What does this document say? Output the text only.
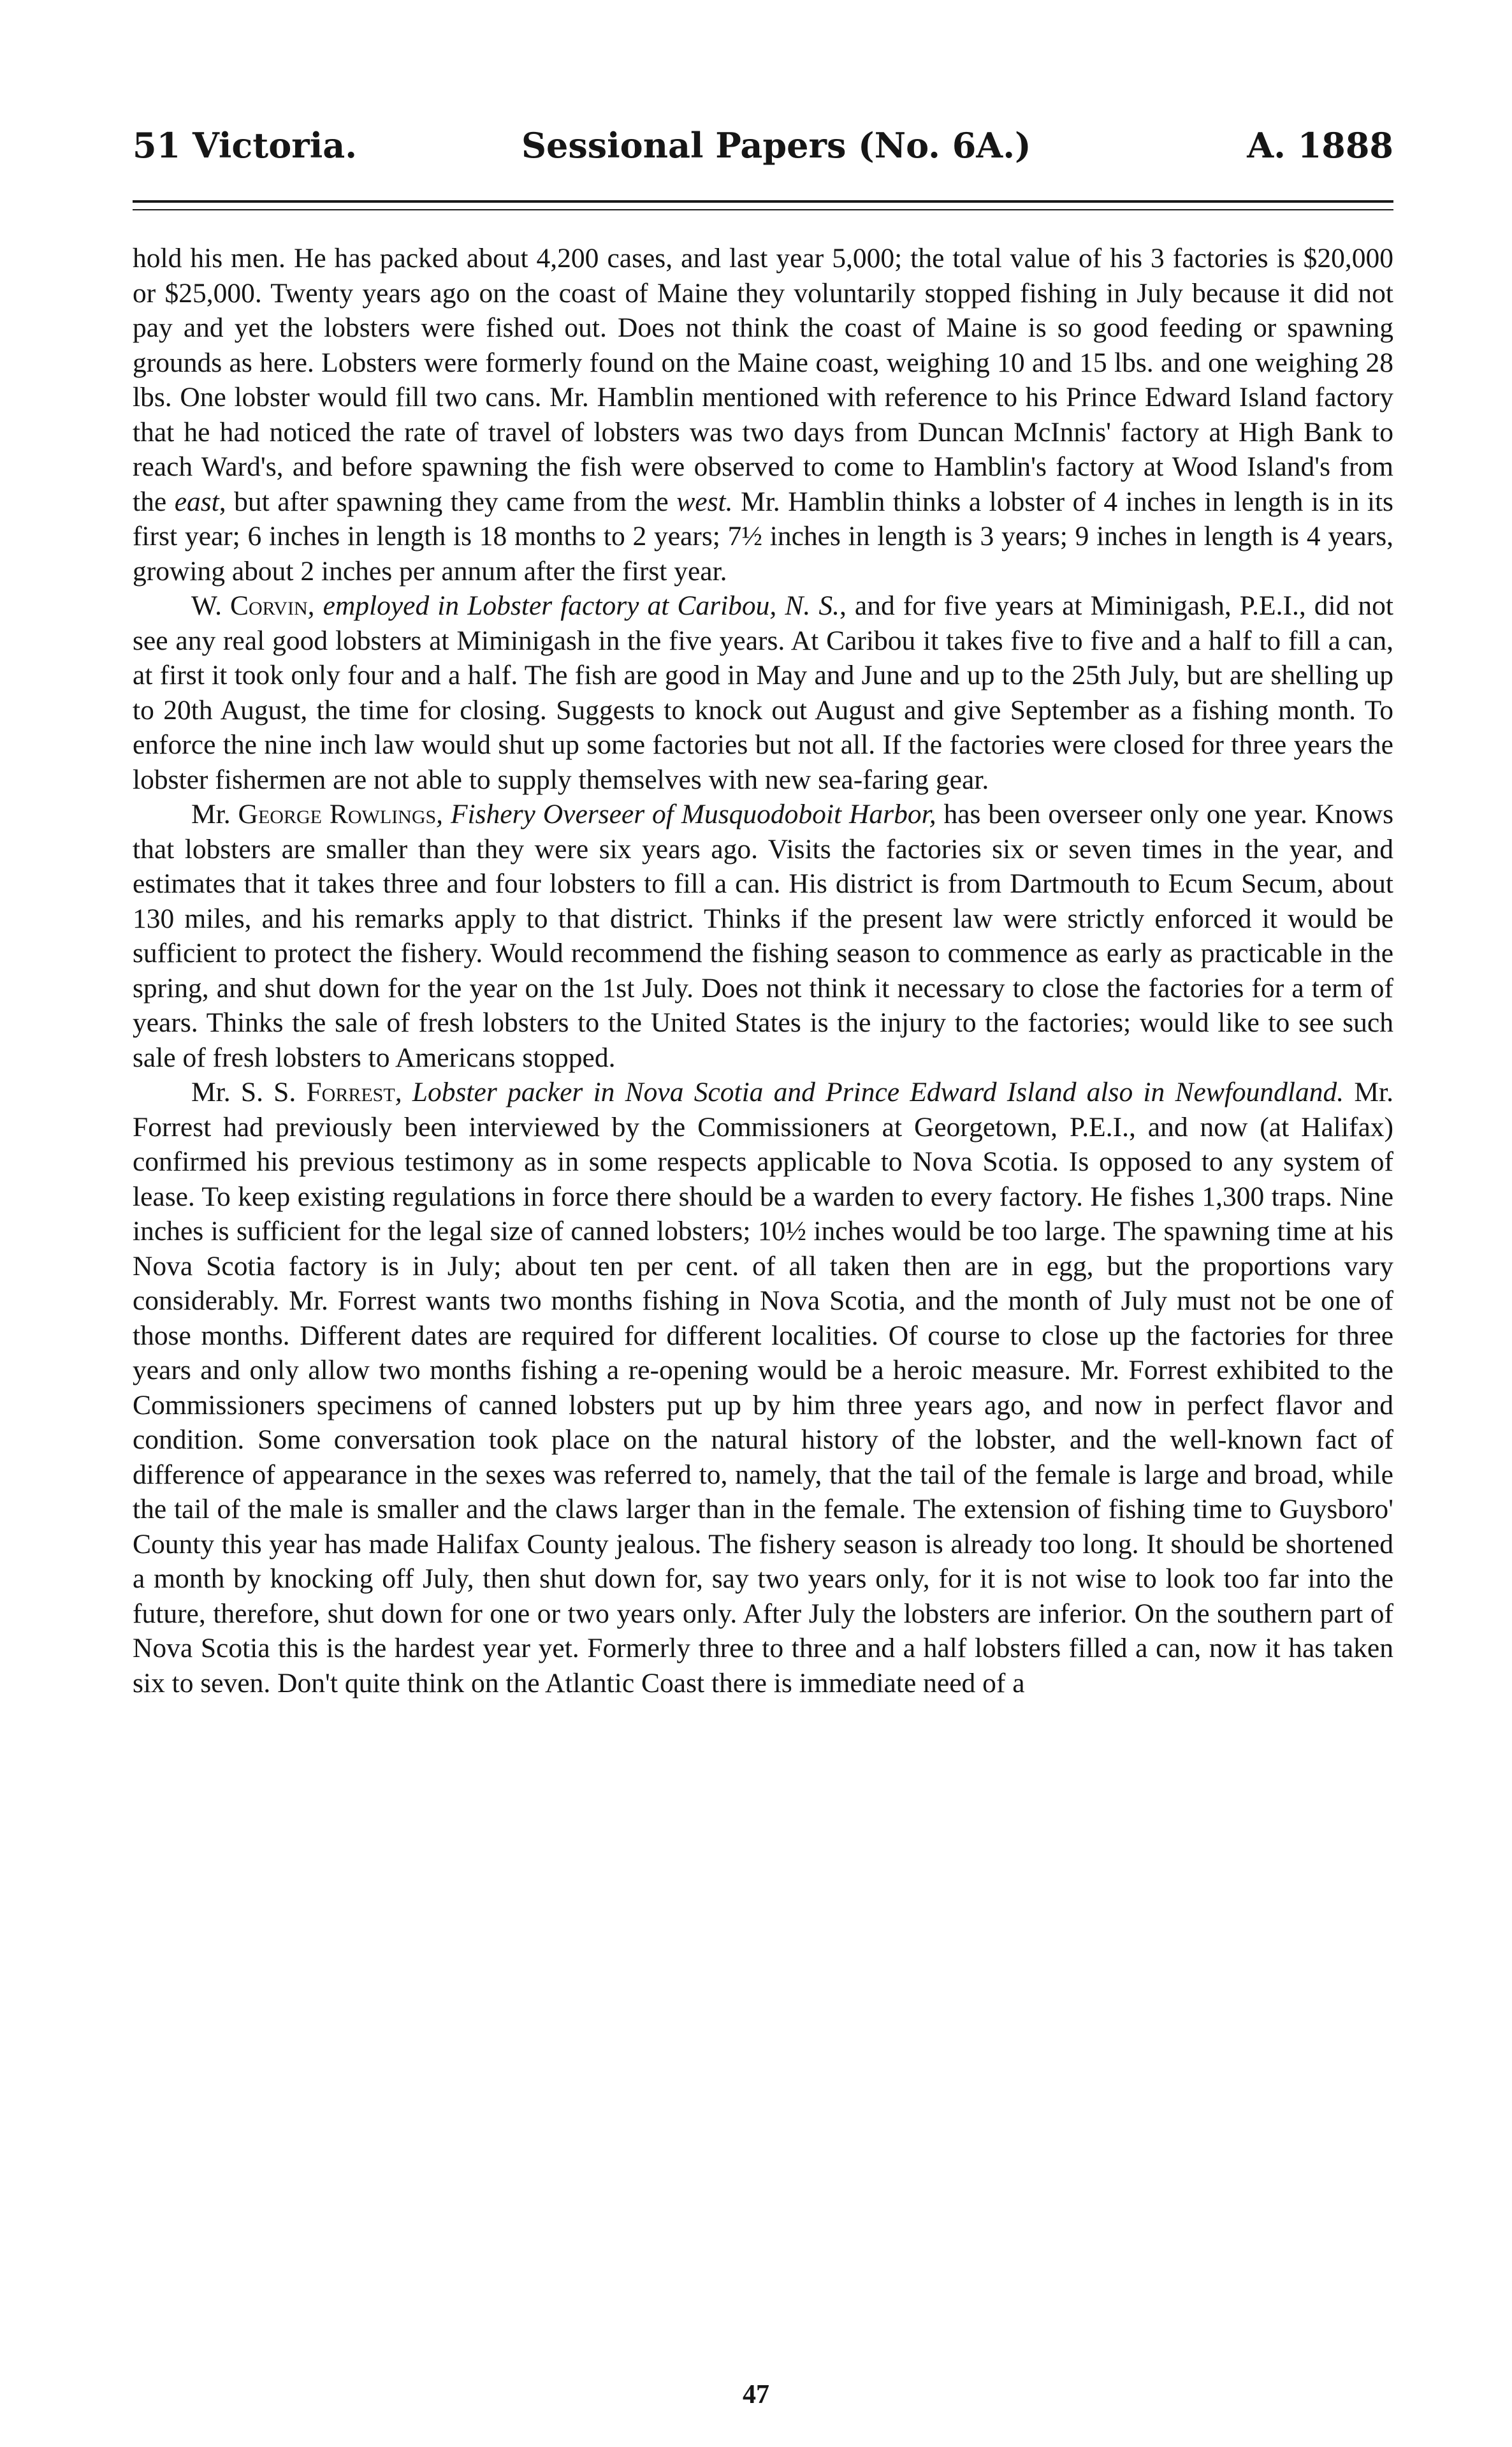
51 Victoria.	Sessional Papers (No. 6A.)	A. 1888

hold his men. He has packed about 4,200 cases, and last year 5,000; the total value of his 3 factories is $20,000 or $25,000. Twenty years ago on the coast of Maine they voluntarily stopped fishing in July because it did not pay and yet the lobsters were fished out. Does not think the coast of Maine is so good feeding or spawning grounds as here. Lobsters were formerly found on the Maine coast, weighing 10 and 15 lbs. and one weighing 28 lbs. One lobster would fill two cans. Mr. Hamblin mentioned with reference to his Prince Edward Island factory that he had noticed the rate of travel of lobsters was two days from Duncan McInnis' factory at High Bank to reach Ward's, and before spawning the fish were observed to come to Hamblin's factory at Wood Island's from the east, but after spawning they came from the west. Mr. Hamblin thinks a lobster of 4 inches in length is in its first year; 6 inches in length is 18 months to 2 years; 7½ inches in length is 3 years; 9 inches in length is 4 years, growing about 2 inches per annum after the first year.

W. Corvin, employed in Lobster factory at Caribou, N. S., and for five years at Miminigash, P.E.I., did not see any real good lobsters at Miminigash in the five years. At Caribou it takes five to five and a half to fill a can, at first it took only four and a half. The fish are good in May and June and up to the 25th July, but are shelling up to 20th August, the time for closing. Suggests to knock out August and give September as a fishing month. To enforce the nine inch law would shut up some factories but not all. If the factories were closed for three years the lobster fishermen are not able to supply themselves with new sea-faring gear.

Mr. George Rowlings, Fishery Overseer of Musquodoboit Harbor, has been overseer only one year. Knows that lobsters are smaller than they were six years ago. Visits the factories six or seven times in the year, and estimates that it takes three and four lobsters to fill a can. His district is from Dartmouth to Ecum Secum, about 130 miles, and his remarks apply to that district. Thinks if the present law were strictly enforced it would be sufficient to protect the fishery. Would recommend the fishing season to commence as early as practicable in the spring, and shut down for the year on the 1st July. Does not think it necessary to close the factories for a term of years. Thinks the sale of fresh lobsters to the United States is the injury to the factories; would like to see such sale of fresh lobsters to Americans stopped.

Mr. S. S. Forrest, Lobster packer in Nova Scotia and Prince Edward Island also in Newfoundland. Mr. Forrest had previously been interviewed by the Commissioners at Georgetown, P.E.I., and now (at Halifax) confirmed his previous testimony as in some respects applicable to Nova Scotia. Is opposed to any system of lease. To keep existing regulations in force there should be a warden to every factory. He fishes 1,300 traps. Nine inches is sufficient for the legal size of canned lobsters; 10½ inches would be too large. The spawning time at his Nova Scotia factory is in July; about ten per cent. of all taken then are in egg, but the proportions vary considerably. Mr. Forrest wants two months fishing in Nova Scotia, and the month of July must not be one of those months. Different dates are required for different localities. Of course to close up the factories for three years and only allow two months fishing a re-opening would be a heroic measure. Mr. Forrest exhibited to the Commissioners specimens of canned lobsters put up by him three years ago, and now in perfect flavor and condition. Some conversation took place on the natural history of the lobster, and the well-known fact of difference of appearance in the sexes was referred to, namely, that the tail of the female is large and broad, while the tail of the male is smaller and the claws larger than in the female. The extension of fishing time to Guysboro' County this year has made Halifax County jealous. The fishery season is already too long. It should be shortened a month by knocking off July, then shut down for, say two years only, for it is not wise to look too far into the future, therefore, shut down for one or two years only. After July the lobsters are inferior. On the southern part of Nova Scotia this is the hardest year yet. Formerly three to three and a half lobsters filled a can, now it has taken six to seven. Don't quite think on the Atlantic Coast there is immediate need of a

47
